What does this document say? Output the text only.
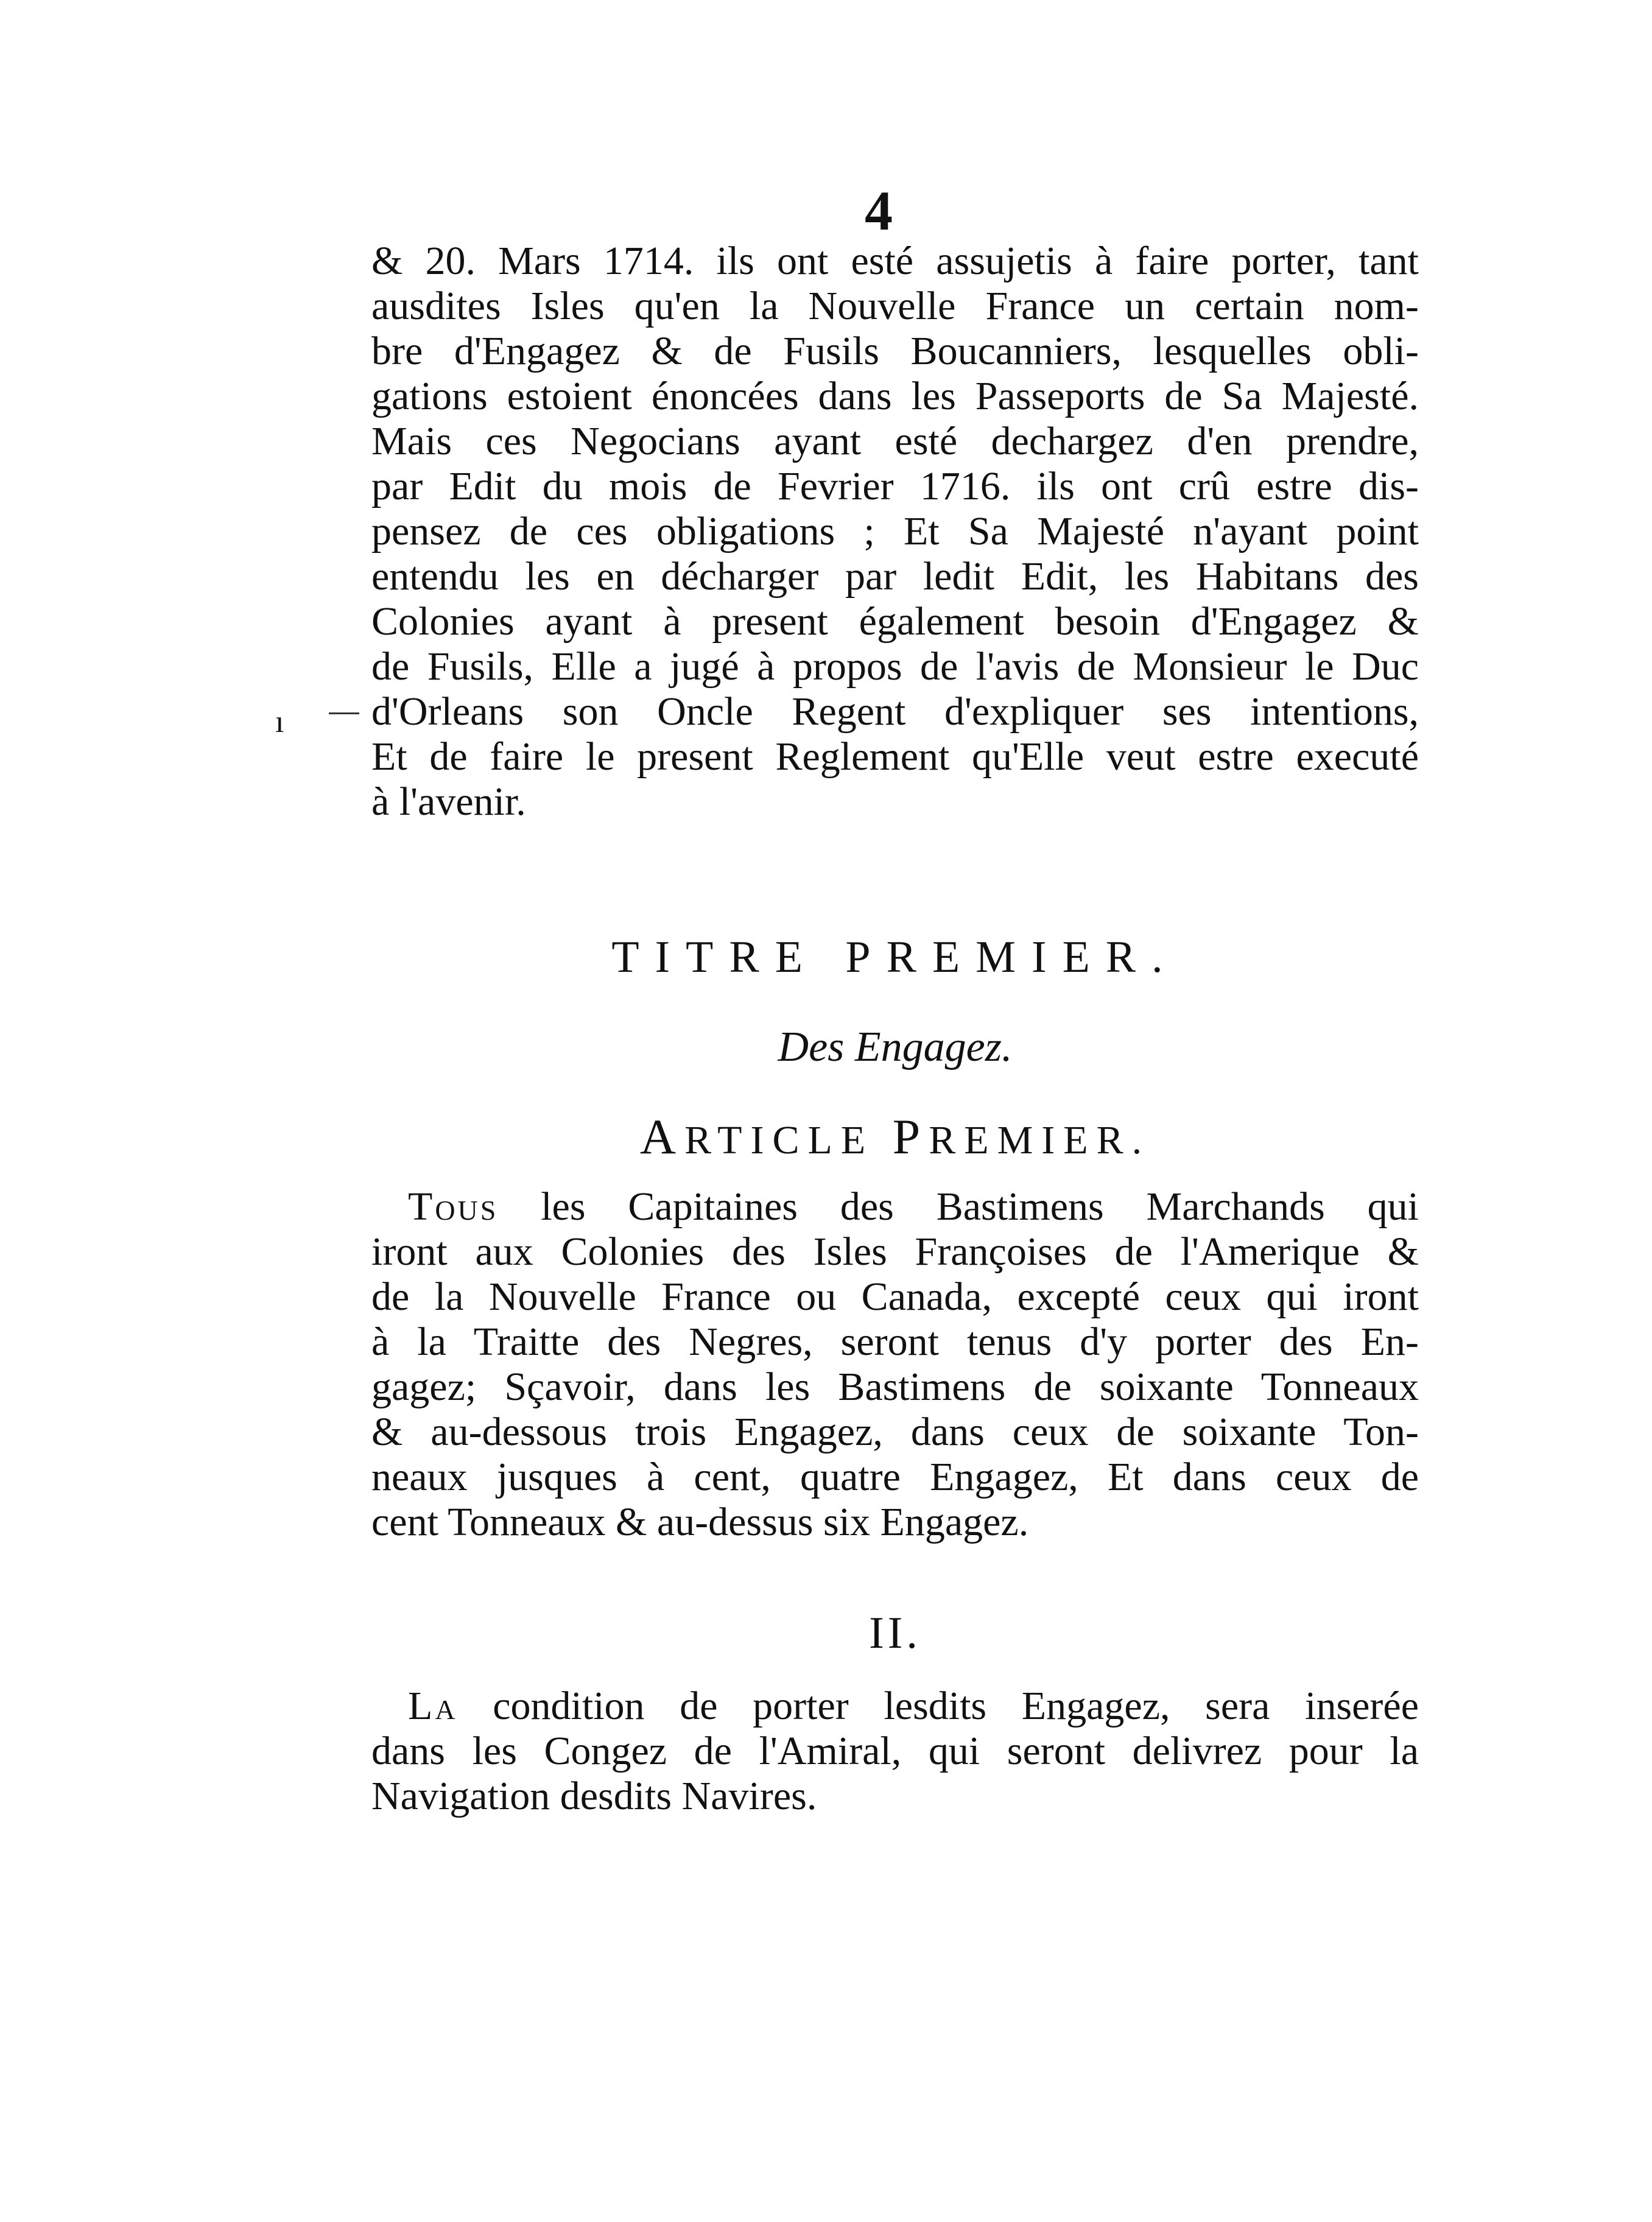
4
ı
& 20. Mars 1714. ils ont esté assujetis à faire porter, tant
ausdites Isles qu'en la Nouvelle France un certain nom-
bre d'Engagez & de Fusils Boucanniers, lesquelles obli-
gations estoient énoncées dans les Passeports de Sa Majesté.
Mais ces Negocians ayant esté dechargez d'en prendre,
par Edit du mois de Fevrier 1716. ils ont crû estre dis-
pensez de ces obligations ; Et Sa Majesté n'ayant point
entendu les en décharger par ledit Edit, les Habitans des
Colonies ayant à present également besoin d'Engagez &
de Fusils, Elle a jugé à propos de l'avis de Monsieur le Duc
d'Orleans son Oncle Regent d'expliquer ses intentions,
Et de faire le present Reglement qu'Elle veut estre executé
à l'avenir.
TITRE PREMIER.
Des Engagez.
ARTICLE PREMIER.
Tous les Capitaines des Bastimens Marchands qui
iront aux Colonies des Isles Françoises de l'Amerique &
de la Nouvelle France ou Canada, excepté ceux qui iront
à la Traitte des Negres, seront tenus d'y porter des En-
gagez; Sçavoir, dans les Bastimens de soixante Tonneaux
& au-dessous trois Engagez, dans ceux de soixante Ton-
neaux jusques à cent, quatre Engagez, Et dans ceux de
cent Tonneaux & au-dessus six Engagez.
II.
La condition de porter lesdits Engagez, sera inserée
dans les Congez de l'Amiral, qui seront delivrez pour la
Navigation desdits Navires.
